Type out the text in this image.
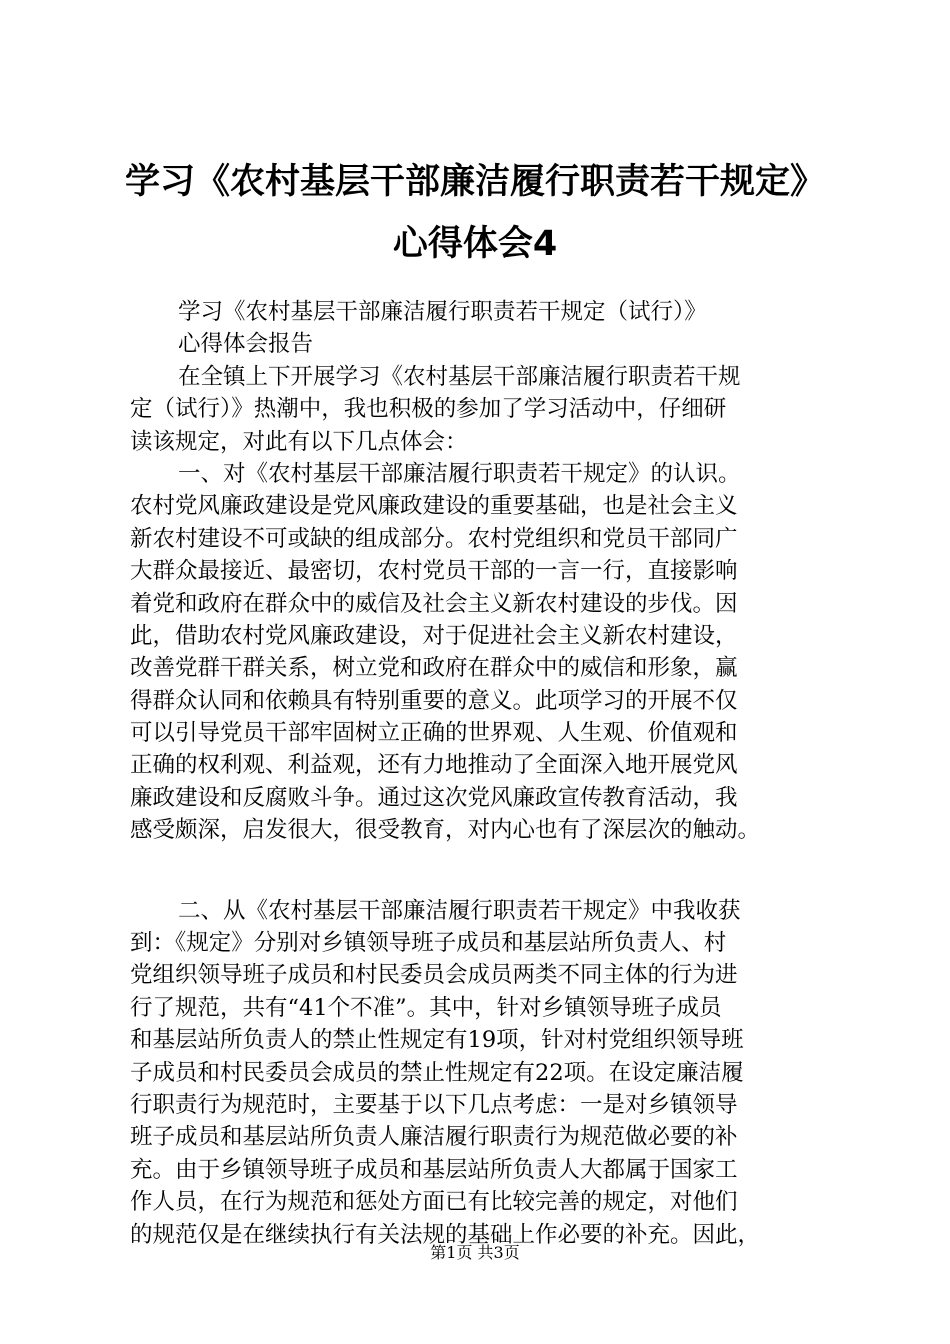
学习《农村基层干部廉洁履行职责若干规定》
心得体会4
学习《农村基层干部廉洁履行职责若干规定（试行）》
心得体会报告
在全镇上下开展学习《农村基层干部廉洁履行职责若干规
定（试行）》热潮中，我也积极的参加了学习活动中，仔细研
读该规定，对此有以下几点体会：
一、对《农村基层干部廉洁履行职责若干规定》的认识。
农村党风廉政建设是党风廉政建设的重要基础，也是社会主义
新农村建设不可或缺的组成部分。农村党组织和党员干部同广
大群众最接近、最密切，农村党员干部的一言一行，直接影响
着党和政府在群众中的威信及社会主义新农村建设的步伐。因
此，借助农村党风廉政建设，对于促进社会主义新农村建设，
改善党群干群关系，树立党和政府在群众中的威信和形象，赢
得群众认同和依赖具有特别重要的意义。此项学习的开展不仅
可以引导党员干部牢固树立正确的世界观、人生观、价值观和
正确的权利观、利益观，还有力地推动了全面深入地开展党风
廉政建设和反腐败斗争。通过这次党风廉政宣传教育活动，我
感受颇深，启发很大，很受教育，对内心也有了深层次的触动。
二、从《农村基层干部廉洁履行职责若干规定》中我收获
到：《规定》分别对乡镇领导班子成员和基层站所负责人、村
党组织领导班子成员和村民委员会成员两类不同主体的行为进
行了规范，共有“41个不准”。其中，针对乡镇领导班子成员
和基层站所负责人的禁止性规定有19项，针对村党组织领导班
子成员和村民委员会成员的禁止性规定有22项。在设定廉洁履
行职责行为规范时，主要基于以下几点考虑：一是对乡镇领导
班子成员和基层站所负责人廉洁履行职责行为规范做必要的补
充。由于乡镇领导班子成员和基层站所负责人大都属于国家工
作人员，在行为规范和惩处方面已有比较完善的规定，对他们
的规范仅是在继续执行有关法规的基础上作必要的补充。因此，
第1页 共3页
